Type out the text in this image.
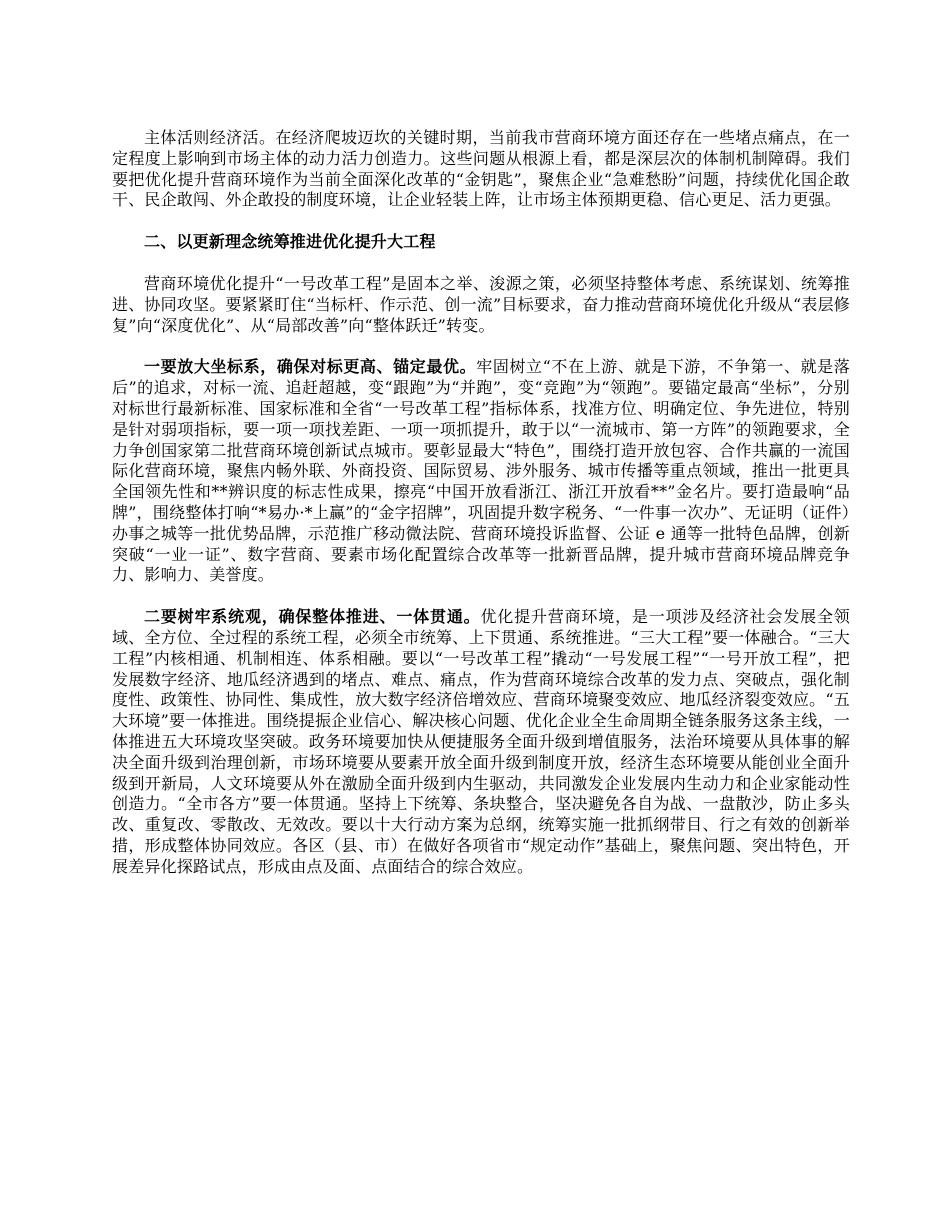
主体活则经济活。在经济爬坡迈坎的关键时期，当前我市营商环境方面还存在一些堵点痛点，在一定程度上影响到市场主体的动力活力创造力。这些问题从根源上看，都是深层次的体制机制障碍。我们要把优化提升营商环境作为当前全面深化改革的“金钥匙”，聚焦企业“急难愁盼”问题，持续优化国企敢干、民企敢闯、外企敢投的制度环境，让企业轻装上阵，让市场主体预期更稳、信心更足、活力更强。

二、以更新理念统筹推进优化提升大工程

营商环境优化提升“一号改革工程”是固本之举、浚源之策，必须坚持整体考虑、系统谋划、统筹推进、协同攻坚。要紧紧盯住“当标杆、作示范、创一流”目标要求，奋力推动营商环境优化升级从“表层修复”向“深度优化”、从“局部改善”向“整体跃迁”转变。

一要放大坐标系，确保对标更高、锚定最优。牢固树立“不在上游、就是下游，不争第一、就是落后”的追求，对标一流、追赶超越，变“跟跑”为“并跑”，变“竞跑”为“领跑”。要锚定最高“坐标”，分别对标世行最新标准、国家标准和全省“一号改革工程”指标体系，找准方位、明确定位、争先进位，特别是针对弱项指标，要一项一项找差距、一项一项抓提升，敢于以“一流城市、第一方阵”的领跑要求，全力争创国家第二批营商环境创新试点城市。要彰显最大“特色”，围绕打造开放包容、合作共赢的一流国际化营商环境，聚焦内畅外联、外商投资、国际贸易、涉外服务、城市传播等重点领域，推出一批更具全国领先性和**辨识度的标志性成果，擦亮“中国开放看浙江、浙江开放看**”金名片。要打造最响“品牌”，围绕整体打响“*易办·*上赢”的“金字招牌”，巩固提升数字税务、“一件事一次办”、无证明（证件）办事之城等一批优势品牌，示范推广移动微法院、营商环境投诉监督、公证 e 通等一批特色品牌，创新突破“一业一证”、数字营商、要素市场化配置综合改革等一批新晋品牌，提升城市营商环境品牌竞争力、影响力、美誉度。

二要树牢系统观，确保整体推进、一体贯通。优化提升营商环境，是一项涉及经济社会发展全领域、全方位、全过程的系统工程，必须全市统筹、上下贯通、系统推进。“三大工程”要一体融合。“三大工程”内核相通、机制相连、体系相融。要以“一号改革工程”撬动“一号发展工程”“一号开放工程”，把发展数字经济、地瓜经济遇到的堵点、难点、痛点，作为营商环境综合改革的发力点、突破点，强化制度性、政策性、协同性、集成性，放大数字经济倍增效应、营商环境聚变效应、地瓜经济裂变效应。“五大环境”要一体推进。围绕提振企业信心、解决核心问题、优化企业全生命周期全链条服务这条主线，一体推进五大环境攻坚突破。政务环境要加快从便捷服务全面升级到增值服务，法治环境要从具体事的解决全面升级到治理创新，市场环境要从要素开放全面升级到制度开放，经济生态环境要从能创业全面升级到开新局，人文环境要从外在激励全面升级到内生驱动，共同激发企业发展内生动力和企业家能动性创造力。“全市各方”要一体贯通。坚持上下统筹、条块整合，坚决避免各自为战、一盘散沙，防止多头改、重复改、零散改、无效改。要以十大行动方案为总纲，统筹实施一批抓纲带目、行之有效的创新举措，形成整体协同效应。各区（县、市）在做好各项省市“规定动作”基础上，聚焦问题、突出特色，开展差异化探路试点，形成由点及面、点面结合的综合效应。
